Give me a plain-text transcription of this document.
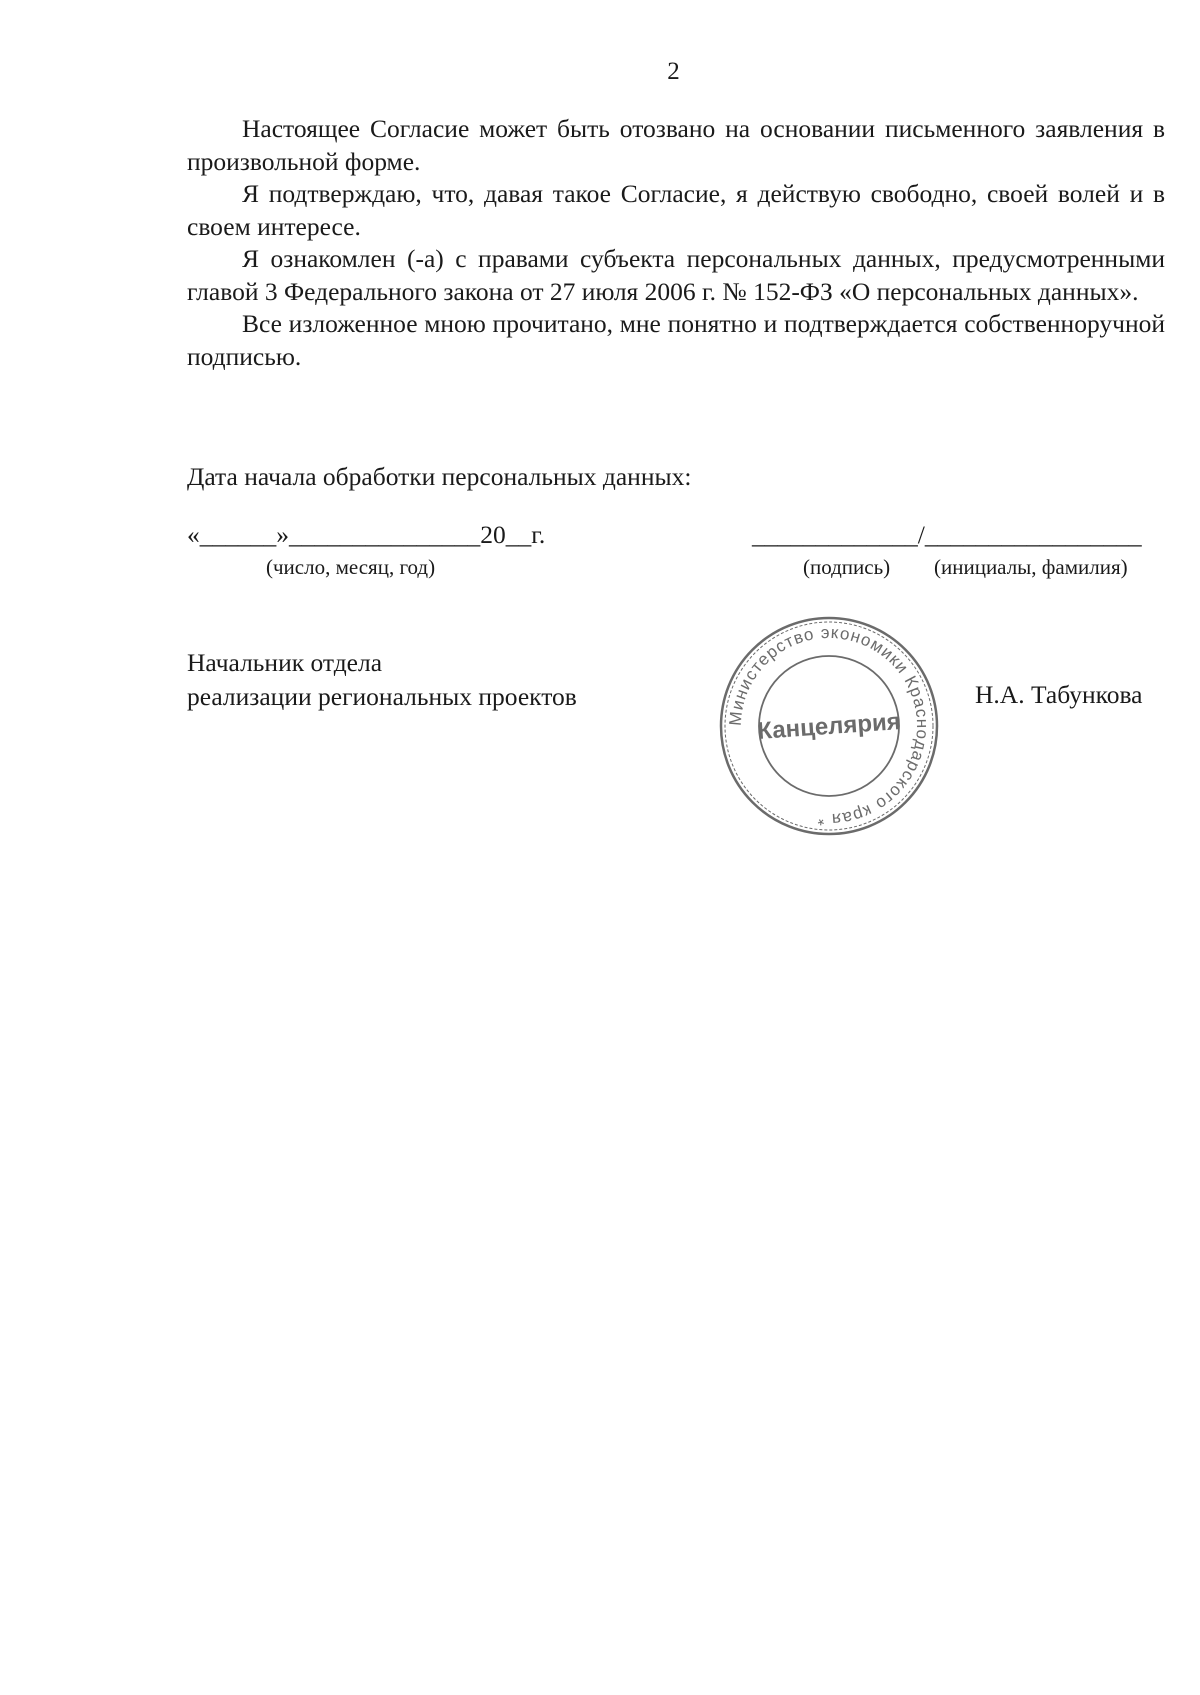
2

Настоящее Согласие может быть отозвано на основании письменного заявления в произвольной форме.

Я подтверждаю, что, давая такое Согласие, я действую свободно, своей волей и в своем интересе.

Я ознакомлен (-а) с правами субъекта персональных данных, предусмотренными главой 3 Федерального закона от 27 июля 2006 г. № 152-ФЗ «О персональных данных».

Все изложенное мною прочитано, мне понятно и подтверждается собственноручной подписью.

Дата начала обработки персональных данных:
«______»_______________20__г.
(число, месяц, год)
_____________/_________________
(подпись) (инициалы, фамилия)
Начальник отдела
реализации региональных проектов	Н.А. Табункова
Министерство экономики Краснодарского края *
Канцелярия
